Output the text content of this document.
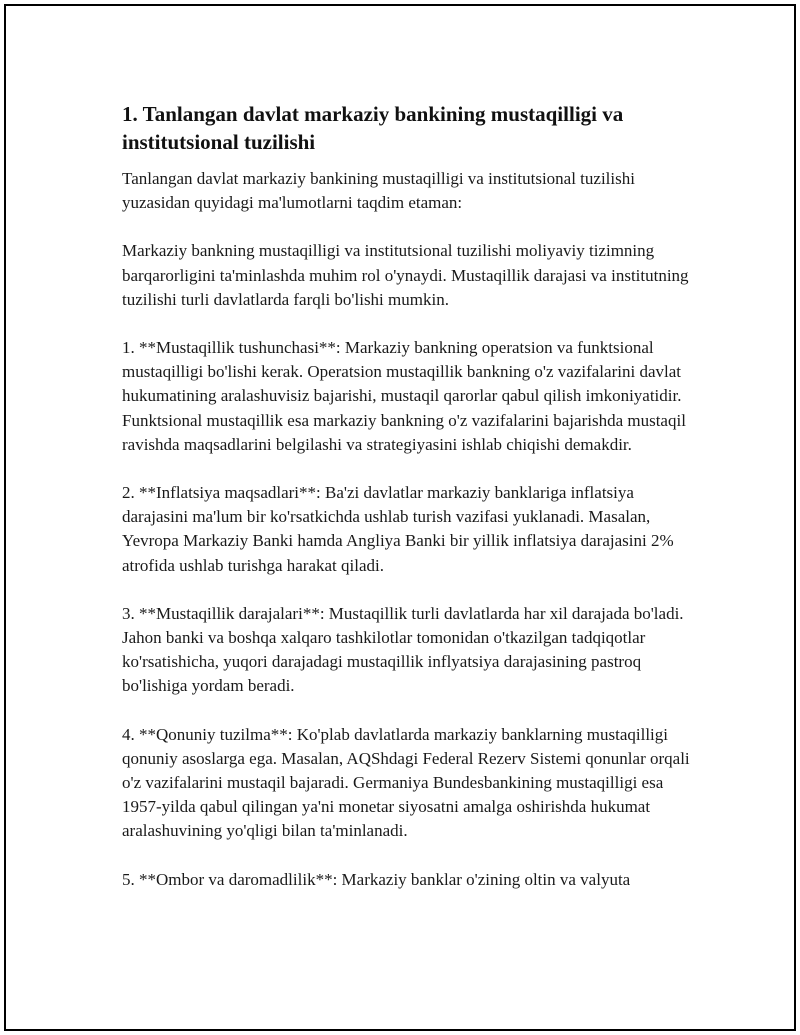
1. Tanlangan davlat markaziy bankining mustaqilligi va institutsional tuzilishi

Tanlangan davlat markaziy bankining mustaqilligi va institutsional tuzilishi yuzasidan quyidagi ma'lumotlarni taqdim etaman:

Markaziy bankning mustaqilligi va institutsional tuzilishi moliyaviy tizimning barqarorligini ta'minlashda muhim rol o'ynaydi. Mustaqillik darajasi va institutning tuzilishi turli davlatlarda farqli bo'lishi mumkin.

1. **Mustaqillik tushunchasi**: Markaziy bankning operatsion va funktsional mustaqilligi bo'lishi kerak. Operatsion mustaqillik bankning o'z vazifalarini davlat hukumatining aralashuvisiz bajarishi, mustaqil qarorlar qabul qilish imkoniyatidir. Funktsional mustaqillik esa markaziy bankning o'z vazifalarini bajarishda mustaqil ravishda maqsadlarini belgilashi va strategiyasini ishlab chiqishi demakdir.

2. **Inflatsiya maqsadlari**: Ba'zi davlatlar markaziy banklariga inflatsiya darajasini ma'lum bir ko'rsatkichda ushlab turish vazifasi yuklanadi. Masalan, Yevropa Markaziy Banki hamda Angliya Banki bir yillik inflatsiya darajasini 2% atrofida ushlab turishga harakat qiladi.

3. **Mustaqillik darajalari**: Mustaqillik turli davlatlarda har xil darajada bo'ladi. Jahon banki va boshqa xalqaro tashkilotlar tomonidan o'tkazilgan tadqiqotlar ko'rsatishicha, yuqori darajadagi mustaqillik inflyatsiya darajasining pastroq bo'lishiga yordam beradi.

4. **Qonuniy tuzilma**: Ko'plab davlatlarda markaziy banklarning mustaqilligi qonuniy asoslarga ega. Masalan, AQShdagi Federal Rezerv Sistemi qonunlar orqali o'z vazifalarini mustaqil bajaradi. Germaniya Bundesbankining mustaqilligi esa 1957-yilda qabul qilingan ya'ni monetar siyosatni amalga oshirishda hukumat aralashuvining yo'qligi bilan ta'minlanadi.

5. **Ombor va daromadlilik**: Markaziy banklar o'zining oltin va valyuta
